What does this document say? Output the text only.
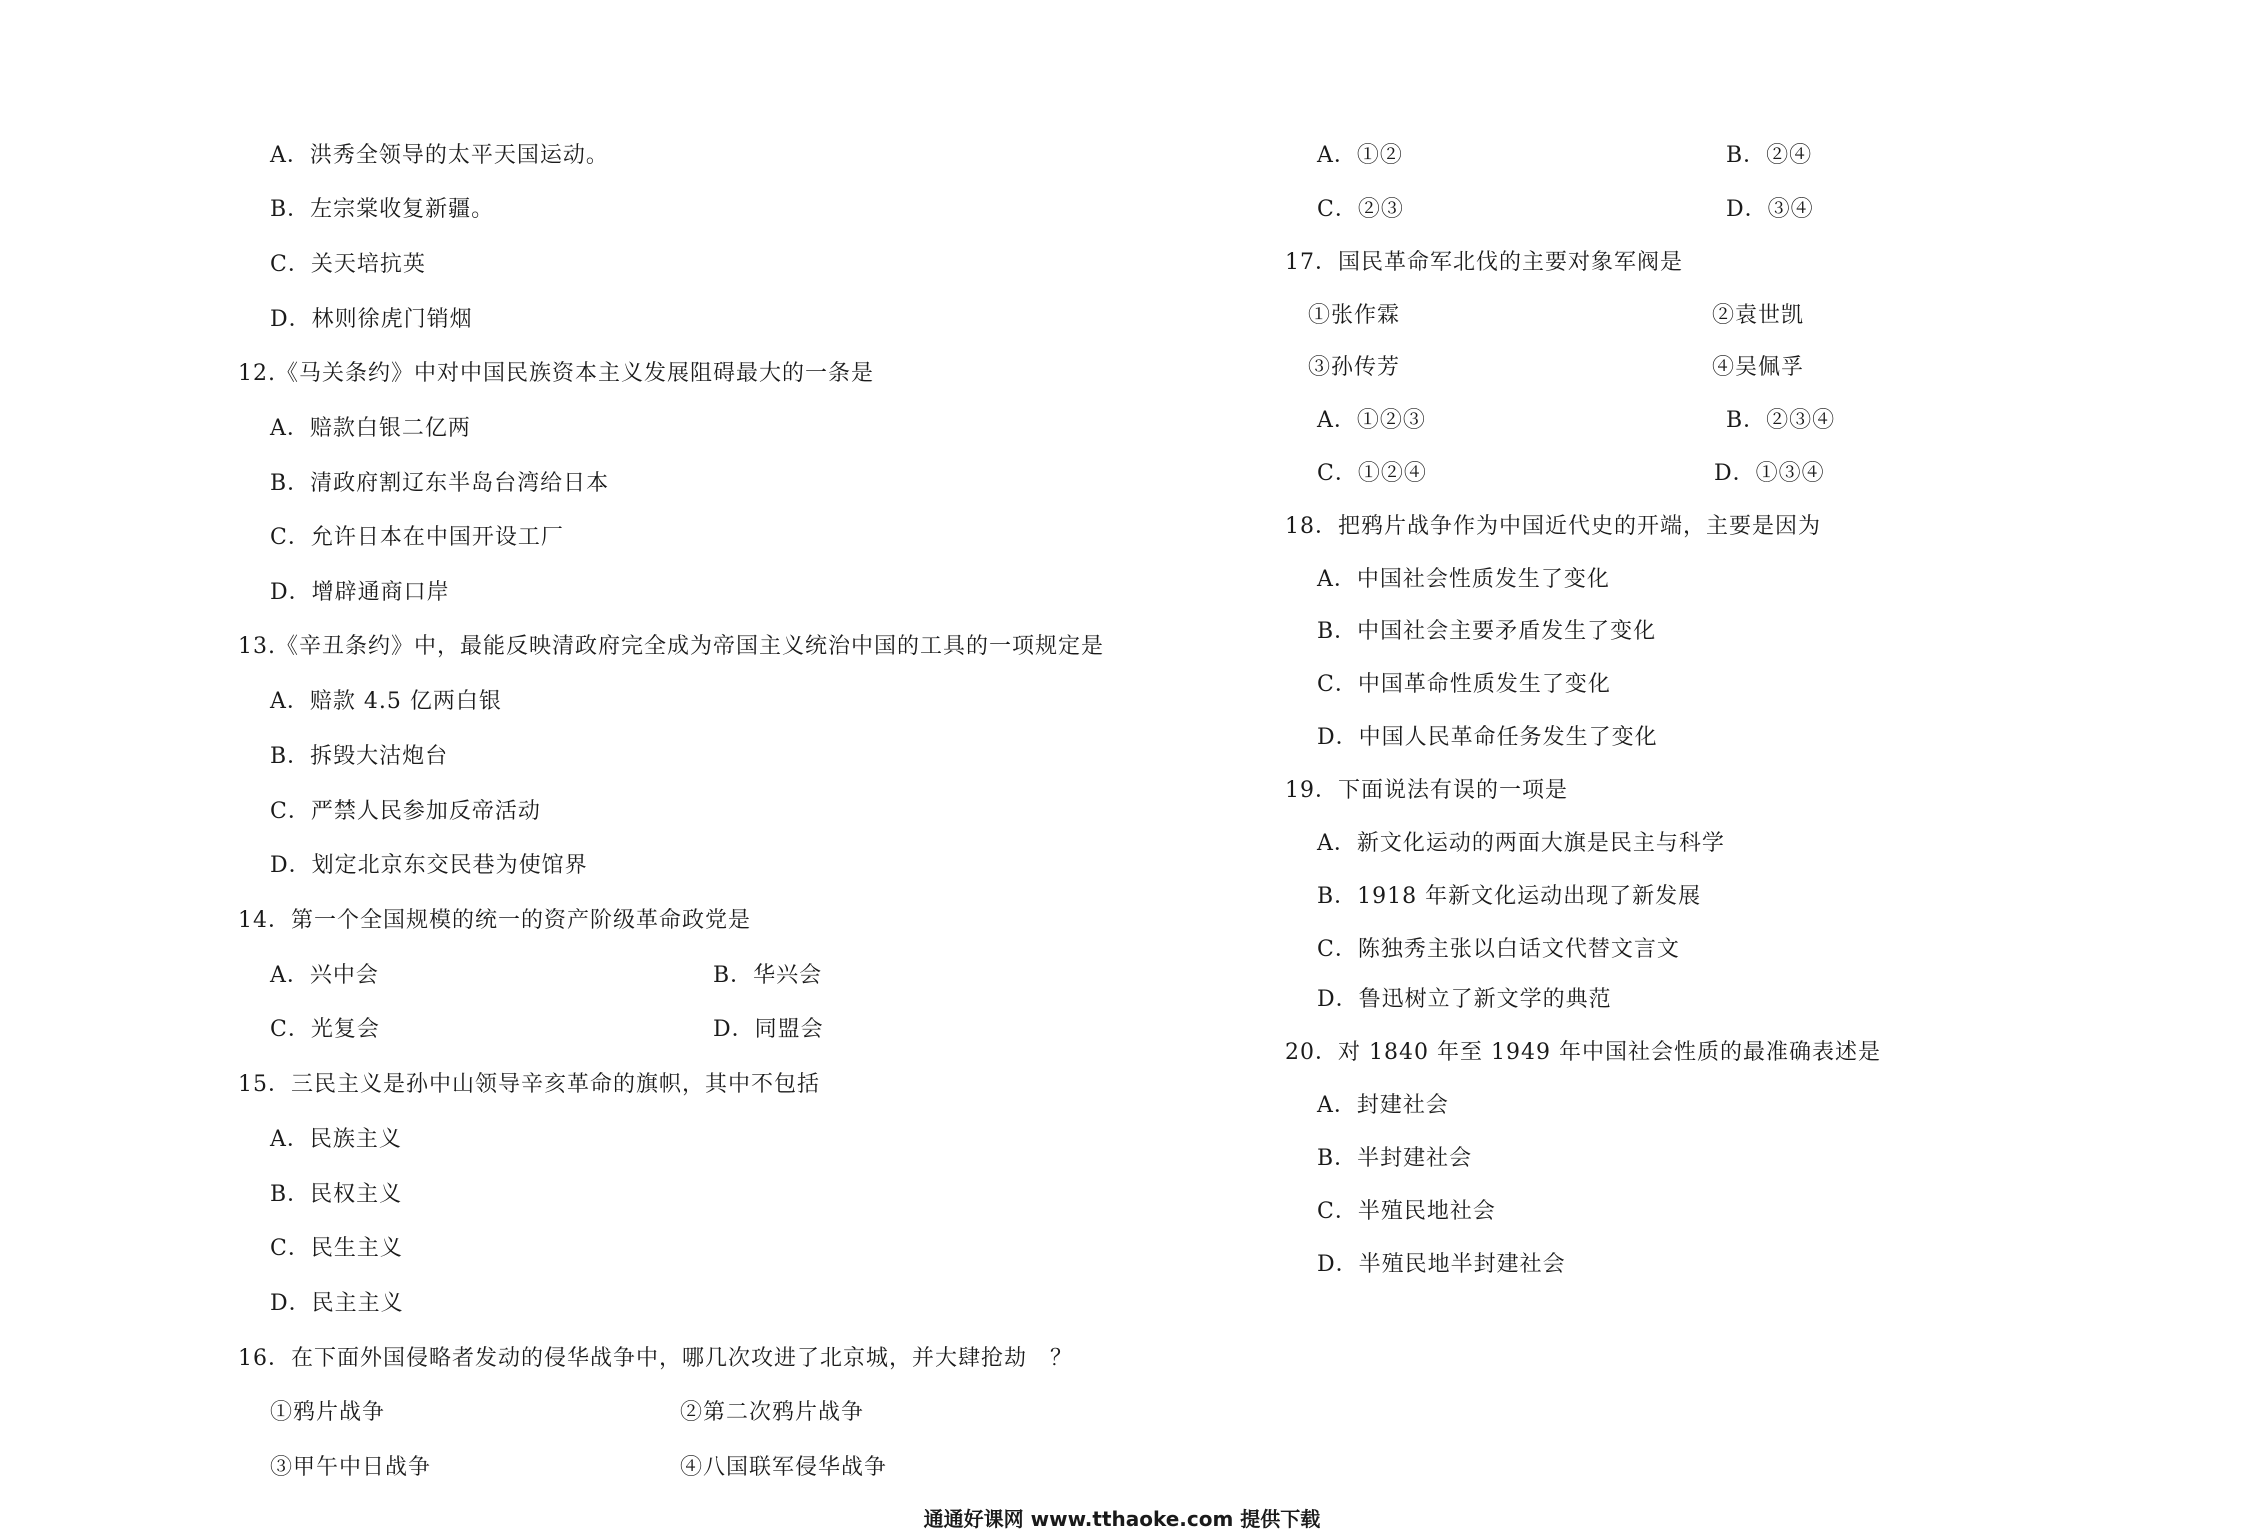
A．洪秀全领导的太平天国运动。
B．左宗棠收复新疆。
C．关天培抗英
D．林则徐虎门销烟
12.《马关条约》中对中国民族资本主义发展阻碍最大的一条是
A．赔款白银二亿两
B．清政府割辽东半岛台湾给日本
C．允许日本在中国开设工厂
D．增辟通商口岸
13.《辛丑条约》中，最能反映清政府完全成为帝国主义统治中国的工具的一项规定是
A．赔款 4.5 亿两白银
B．拆毁大沽炮台
C．严禁人民参加反帝活动
D．划定北京东交民巷为使馆界
14．第一个全国规模的统一的资产阶级革命政党是
A．兴中会	B．华兴会
C．光复会	D．同盟会
15．三民主义是孙中山领导辛亥革命的旗帜，其中不包括
A．民族主义
B．民权主义
C．民生主义
D．民主主义
16．在下面外国侵略者发动的侵华战争中，哪几次攻进了北京城，并大肆抢劫　？
①鸦片战争	②第二次鸦片战争
③甲午中日战争	④八国联军侵华战争
A．①②	B．②④
C．②③	D．③④
17．国民革命军北伐的主要对象军阀是
①张作霖	②袁世凯
③孙传芳	④吴佩孚
A．①②③	B．②③④
C．①②④	D．①③④
18．把鸦片战争作为中国近代史的开端，主要是因为
A．中国社会性质发生了变化
B．中国社会主要矛盾发生了变化
C．中国革命性质发生了变化
D．中国人民革命任务发生了变化
19．下面说法有误的一项是
A．新文化运动的两面大旗是民主与科学
B．1918 年新文化运动出现了新发展
C．陈独秀主张以白话文代替文言文
D．鲁迅树立了新文学的典范
20．对 1840 年至 1949 年中国社会性质的最准确表述是
A．封建社会
B．半封建社会
C．半殖民地社会
D．半殖民地半封建社会
通通好课网 www.tthaoke.com 提供下载
